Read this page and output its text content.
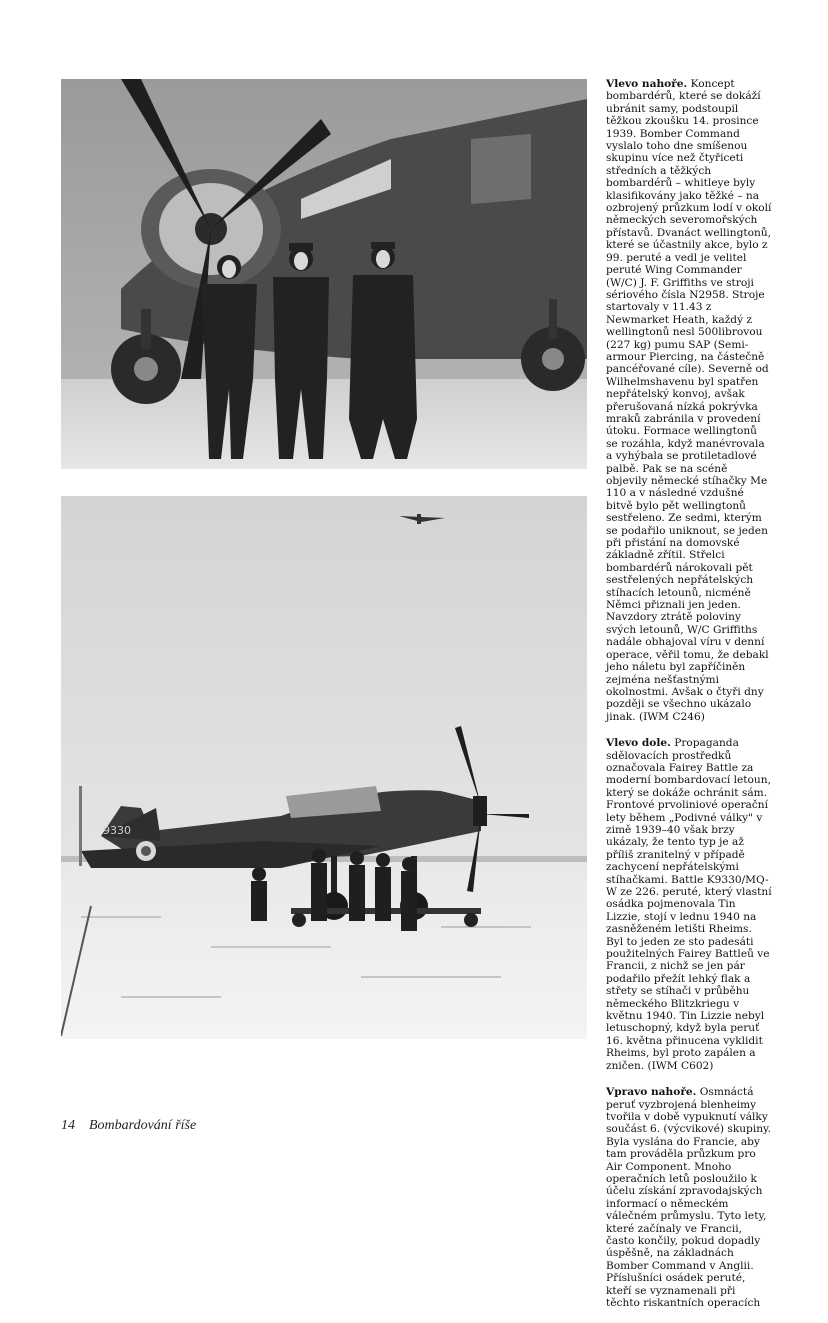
9330

Vlevo nahoře. Koncept bombardérů, které se dokáží ubránit samy, podstoupil těžkou zkoušku 14. prosince 1939. Bomber Command vyslalo toho dne smíšenou skupinu více než čtyřiceti středních a těžkých bombardérů – whitleye byly klasifikovány jako těžké – na ozbrojený průzkum lodí v okolí německých severomořských přístavů. Dvanáct wellingtonů, které se účastnily akce, bylo z 99. peruté a vedl je velitel peruté Wing Commander (W/C) J. F. Griffiths ve stroji sériového čísla N2958. Stroje startovaly v 11.43 z Newmarket Heath, každý z wellingtonů nesl 500librovou (227 kg) pumu SAP (Semi-armour Piercing, na částečně pancéřované cíle). Severně od Wilhelmshavenu byl spatřen nepřátelský konvoj, avšak přerušovaná nízká pokrývka mraků zabránila v provedení útoku. Formace wellingtonů se rozáhla, když manévrovala a vyhýbala se protiletadlové palbě. Pak se na scéně objevily německé stíhačky Me 110 a v následné vzdušné bitvě bylo pět wellingtonů sestřeleno. Ze sedmi, kterým se podařilo uniknout, se jeden při přistání na domovské základně zřítil. Střelci bombardérů nárokovali pět sestřelených nepřátelských stíhacích letounů, nicméně Němci přiznali jen jeden. Navzdory ztrátě poloviny svých letounů, W/C Griffiths nadále obhajoval víru v denní operace, věřil tomu, že debakl jeho náletu byl zapříčiněn zejména nešťastnými okolnostmi. Avšak o čtyři dny později se všechno ukázalo jinak. (IWM C246)

Vlevo dole. Propaganda sdělovacích prostředků označovala Fairey Battle za moderní bombardovací letoun, který se dokáže ochránit sám. Frontové prvoliniové operační lety během „Podivné války" v zimě 1939–40 však brzy ukázaly, že tento typ je až příliš zranitelný v případě zachycení nepřátelskými stíhačkami. Battle K9330/MQ-W ze 226. peruté, který vlastní osádka pojmenovala Tin Lizzie, stojí v lednu 1940 na zasněženém letišti Rheims. Byl to jeden ze sto padesáti použitelných Fairey Battleů ve Francii, z nichž se jen pár podařilo přežít lehký flak a střety se stíhači v průběhu německého Blitzkriegu v květnu 1940. Tin Lizzie nebyl letuschopný, když byla peruť 16. května přinucena vyklidit Rheims, byl proto zapálen a zničen. (IWM C602)

Vpravo nahoře. Osmnáctá peruť vyzbrojená blenheimy tvořila v době vypuknutí války součást 6. (výcvikové) skupiny. Byla vyslána do Francie, aby tam prováděla průzkum pro Air Component. Mnoho operačních letů posloužilo k účelu získání zpravodajských informací o německém válečném průmyslu. Tyto lety, které začínaly ve Francii, často končily, pokud dopadly úspěšně, na základnách Bomber Command v Anglii. Příslušníci osádek peruté, kteří se vyznamenali při těchto riskantních operacích

14 Bombardování říše
